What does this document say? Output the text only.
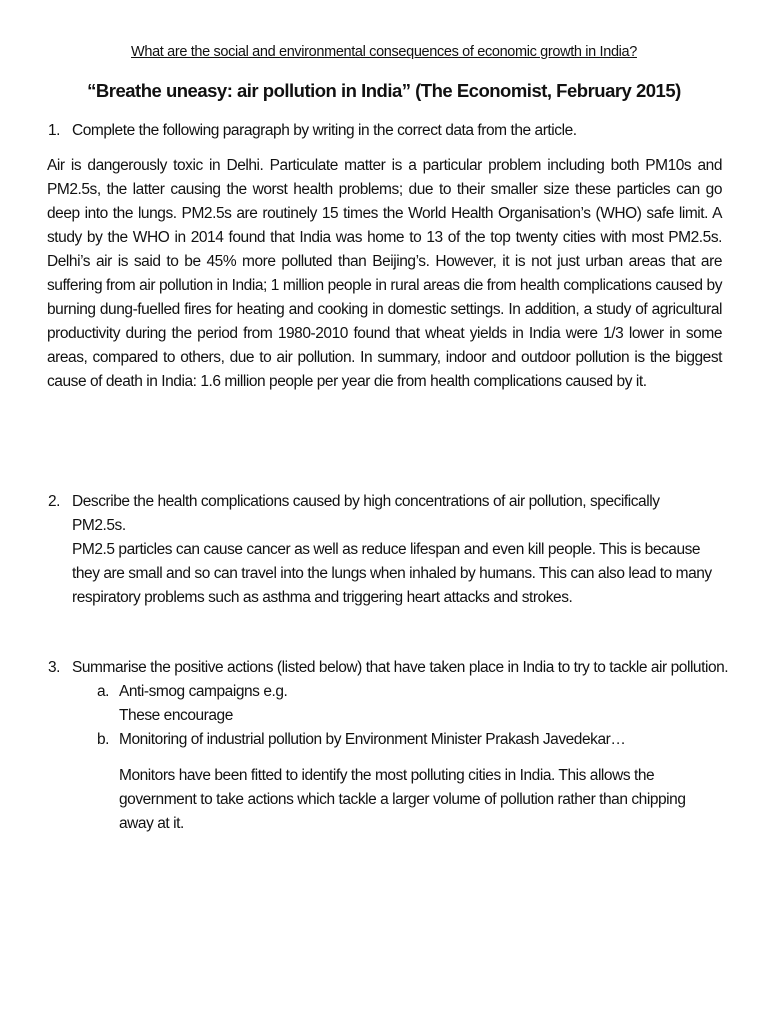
What are the social and environmental consequences of economic growth in India?
“Breathe uneasy: air pollution in India” (The Economist, February 2015)
1. Complete the following paragraph by writing in the correct data from the article.
Air is dangerously toxic in Delhi. Particulate matter is a particular problem including both PM10s and PM2.5s, the latter causing the worst health problems; due to their smaller size these particles can go deep into the lungs. PM2.5s are routinely 15 times the World Health Organisation’s (WHO) safe limit. A study by the WHO in 2014 found that India was home to 13 of the top twenty cities with most PM2.5s. Delhi’s air is said to be 45% more polluted than Beijing’s. However, it is not just urban areas that are suffering from air pollution in India; 1 million people in rural areas die from health complications caused by burning dung-fuelled fires for heating and cooking in domestic settings. In addition, a study of agricultural productivity during the period from 1980-2010 found that wheat yields in India were 1/3 lower in some areas, compared to others, due to air pollution. In summary, indoor and outdoor pollution is the biggest cause of death in India: 1.6 million people per year die from health complications caused by it.
2. Describe the health complications caused by high concentrations of air pollution, specifically PM2.5s.
PM2.5 particles can cause cancer as well as reduce lifespan and even kill people. This is because they are small and so can travel into the lungs when inhaled by humans. This can also lead to many respiratory problems such as asthma and triggering heart attacks and strokes.
3. Summarise the positive actions (listed below) that have taken place in India to try to tackle air pollution.
a. Anti-smog campaigns e.g.
These encourage
b. Monitoring of industrial pollution by Environment Minister Prakash Javedekar…
Monitors have been fitted to identify the most polluting cities in India. This allows the government to take actions which tackle a larger volume of pollution rather than chipping away at it.
